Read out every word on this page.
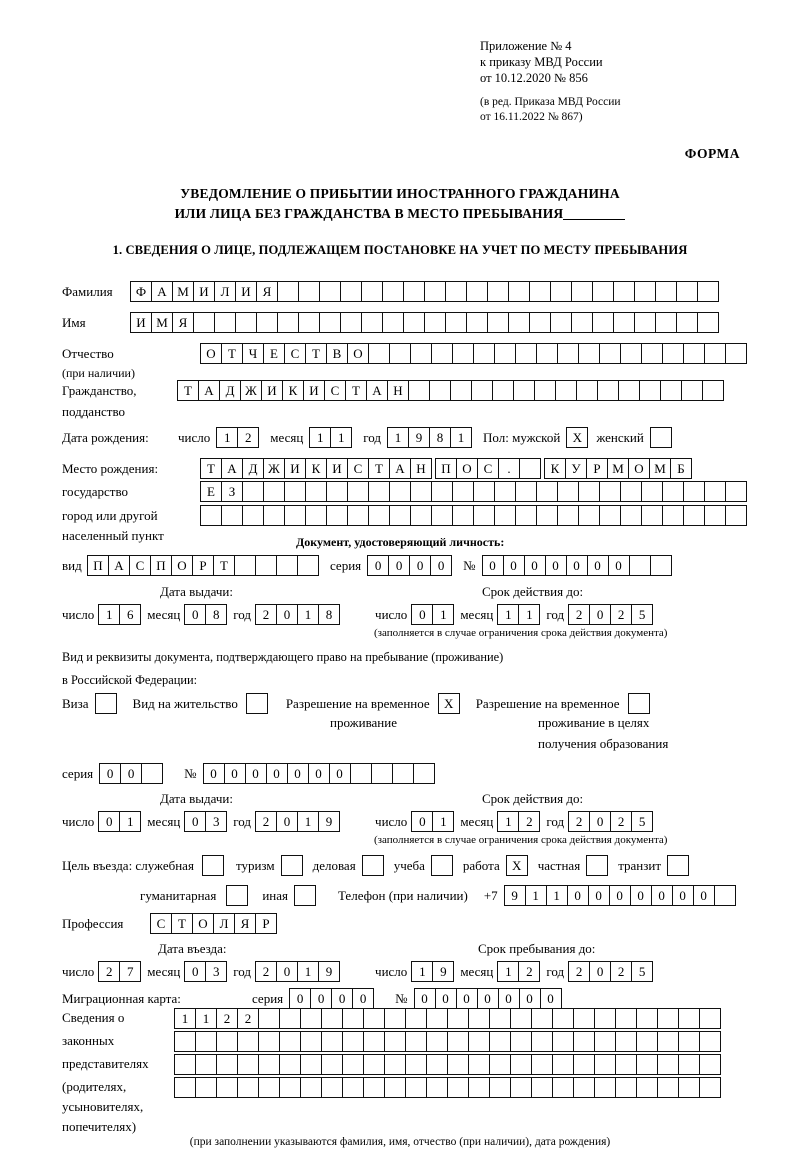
Приложение № 4
к приказу МВД России
от 10.12.2020 № 856
(в ред. Приказа МВД России
от 16.11.2022 № 867)
ФОРМА
УВЕДОМЛЕНИЕ О ПРИБЫТИИ ИНОСТРАННОГО ГРАЖДАНИНА
ИЛИ ЛИЦА БЕЗ ГРАЖДАНСТВА В МЕСТО ПРЕБЫВАНИЯ
1. СВЕДЕНИЯ О ЛИЦЕ, ПОДЛЕЖАЩЕМ ПОСТАНОВКЕ НА УЧЕТ ПО МЕСТУ ПРЕБЫВАНИЯ
Фамилия	Ф А М И Л И Я
Имя	И М Я
Отчество	О Т Ч Е С Т В О
(при наличии)
Гражданство,	Т А Д Ж И К И С Т А Н
подданство
Дата рождения:	число	1	2	месяц	1	1	год	1	9	8	1	Пол: мужской X	женский
Место рождения:	Т А Д Ж И К И С Т А Н	П О С	.	К У Р М О М Б
государство	Е	З
город или другой
населенный пункт	Документ, удостоверяющий личность:
вид П А С П О Р	Т	серия	0	0	0	0	№	0	0	0	0	0	0	0
Дата выдачи:	Срок действия до:
число 1	6	месяц 0	8	год 2	0	1	8	число 0	1	месяц 1	1	год 2	0	2	5
(заполняется в случае ограничения срока действия документа)
Вид и реквизиты документа, подтверждающего право на пребывание (проживание)
в Российской Федерации:
Виза	Вид на жительство	Разрешение на временное	X	Разрешение на временное
проживание	проживание в целях
получения образования
серия	0	0	№	0	0	0	0	0	0	0
Дата выдачи:	Срок действия до:
число 0	1	месяц 0	3	год 2	0	1	9	число 0	1	месяц 1	2	год 2	0	2	5
(заполняется в случае ограничения срока действия документа)
Цель въезда: служебная	туризм	деловая	учеба	работа X	частная	транзит
гуманитарная	иная	Телефон (при наличии) +7	9	1	1	0	0	0	0	0	0	0
Профессия	С Т О Л Я	Р
Дата въезда:	Срок пребывания до:
число 2	7	месяц 0	3	год 2	0	1	9	число 1	9	месяц 1	2	год 2	0	2	5
Миграционная карта:	серия	0	0	0	0	№	0	0	0	0	0	0	0
Сведения о
законных
представителях
(родителях,
усыновителях,
попечителях)
1	1	2	2
(при заполнении указываются фамилия, имя, отчество (при наличии), дата рождения)
